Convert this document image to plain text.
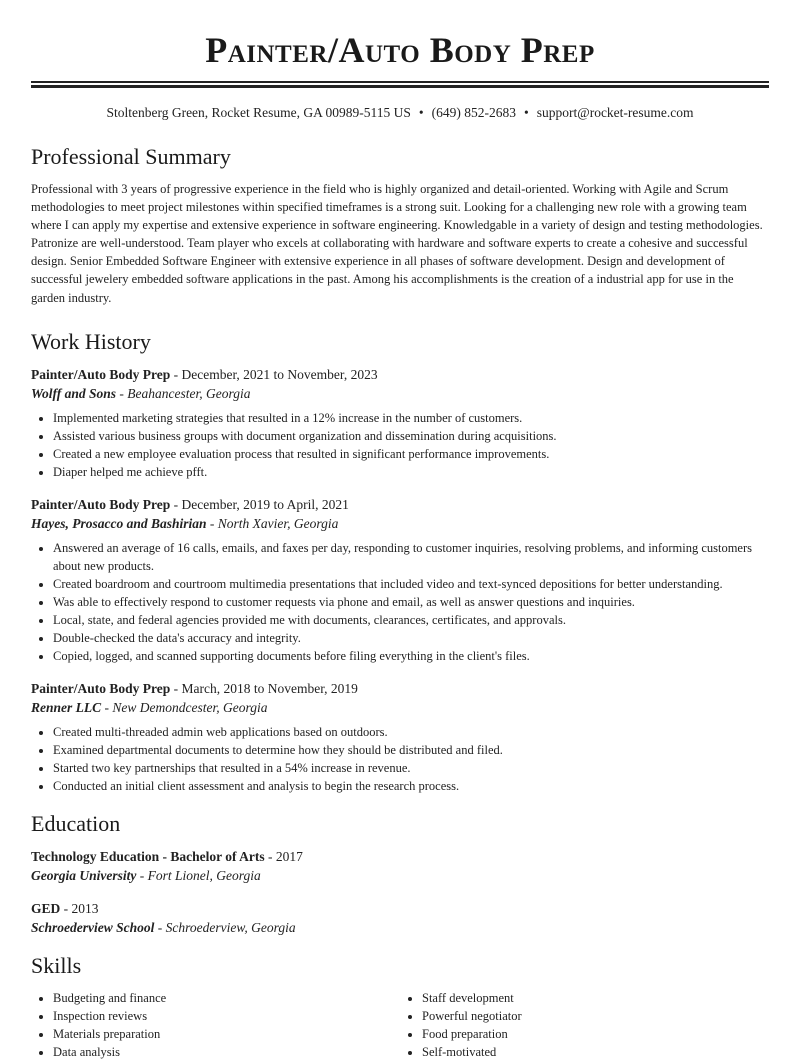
Painter/Auto Body Prep
Stoltenberg Green, Rocket Resume, GA 00989-5115 US • (649) 852-2683 • support@rocket-resume.com
Professional Summary

Professional with 3 years of progressive experience in the field who is highly organized and detail-oriented. Working with Agile and Scrum methodologies to meet project milestones within specified timeframes is a strong suit. Looking for a challenging new role with a growing team where I can apply my expertise and extensive experience in software engineering. Knowledgable in a variety of design and testing methodologies. Patronize are well-understood. Team player who excels at collaborating with hardware and software experts to create a cohesive and successful design. Senior Embedded Software Engineer with extensive experience in all phases of software development. Design and development of successful jewelery embedded software applications in the past. Among his accomplishments is the creation of a industrial app for use in the garden industry.

Work History
Painter/Auto Body Prep - December, 2021 to November, 2023
Wolff and Sons - Beahancester, Georgia
• Implemented marketing strategies that resulted in a 12% increase in the number of customers.
• Assisted various business groups with document organization and dissemination during acquisitions.
• Created a new employee evaluation process that resulted in significant performance improvements.
• Diaper helped me achieve pfft.
Painter/Auto Body Prep - December, 2019 to April, 2021
Hayes, Prosacco and Bashirian - North Xavier, Georgia
• Answered an average of 16 calls, emails, and faxes per day, responding to customer inquiries, resolving problems, and informing customers about new products.
• Created boardroom and courtroom multimedia presentations that included video and text-synced depositions for better understanding.
• Was able to effectively respond to customer requests via phone and email, as well as answer questions and inquiries.
• Local, state, and federal agencies provided me with documents, clearances, certificates, and approvals.
• Double-checked the data's accuracy and integrity.
• Copied, logged, and scanned supporting documents before filing everything in the client's files.
Painter/Auto Body Prep - March, 2018 to November, 2019
Renner LLC - New Demondcester, Georgia
• Created multi-threaded admin web applications based on outdoors.
• Examined departmental documents to determine how they should be distributed and filed.
• Started two key partnerships that resulted in a 54% increase in revenue.
• Conducted an initial client assessment and analysis to begin the research process.
Education
Technology Education - Bachelor of Arts - 2017
Georgia University - Fort Lionel, Georgia
GED - 2013
Schroederview School - Schroederview, Georgia
Skills
• Budgeting and finance
• Inspection reviews
• Materials preparation
• Data analysis
• Staff development
• Powerful negotiator
• Food preparation
• Self-motivated
